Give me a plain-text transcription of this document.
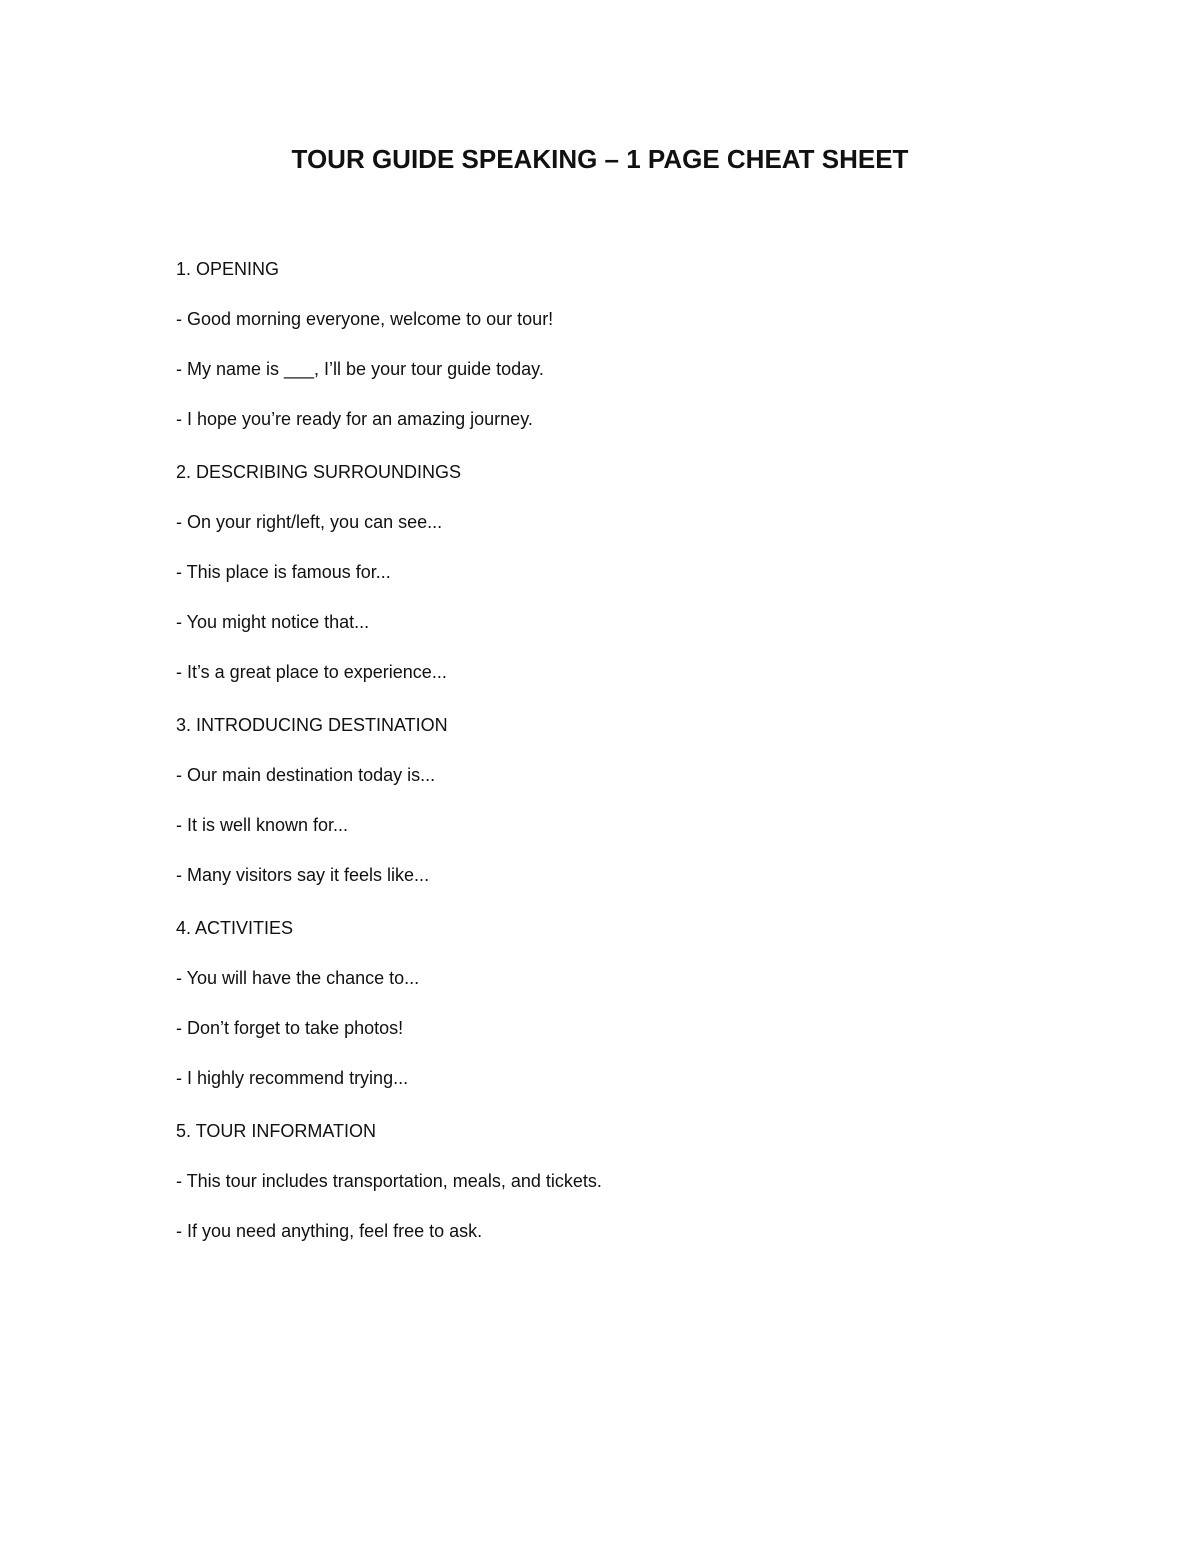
TOUR GUIDE SPEAKING – 1 PAGE CHEAT SHEET
1. OPENING
- Good morning everyone, welcome to our tour!
- My name is ___, I’ll be your tour guide today.
- I hope you’re ready for an amazing journey.
2. DESCRIBING SURROUNDINGS
- On your right/left, you can see...
- This place is famous for...
- You might notice that...
- It’s a great place to experience...
3. INTRODUCING DESTINATION
- Our main destination today is...
- It is well known for...
- Many visitors say it feels like...
4. ACTIVITIES
- You will have the chance to...
- Don’t forget to take photos!
- I highly recommend trying...
5. TOUR INFORMATION
- This tour includes transportation, meals, and tickets.
- If you need anything, feel free to ask.
